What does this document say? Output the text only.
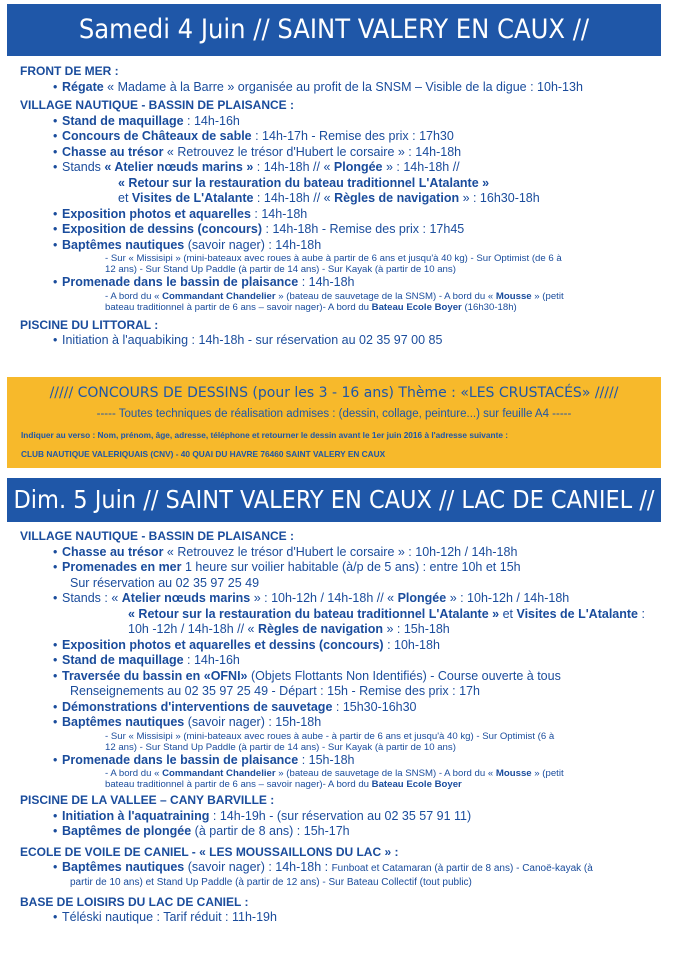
Samedi 4 Juin // SAINT VALERY EN CAUX //
FRONT DE MER :
• Régate « Madame à la Barre » organisée au profit de la SNSM – Visible de la digue : 10h-13h
VILLAGE NAUTIQUE - BASSIN DE PLAISANCE :
• Stand de maquillage : 14h-16h
• Concours de Châteaux de sable : 14h-17h - Remise des prix : 17h30
• Chasse au trésor « Retrouvez le trésor d'Hubert le corsaire » : 14h-18h
• Stands « Atelier nœuds marins » : 14h-18h // « Plongée » : 14h-18h //
« Retour sur la restauration du bateau traditionnel L'Atalante »
et Visites de L'Atalante : 14h-18h // « Règles de navigation » : 16h30-18h
• Exposition photos et aquarelles : 14h-18h
• Exposition de dessins (concours) : 14h-18h - Remise des prix : 17h45
• Baptêmes nautiques (savoir nager) : 14h-18h
- Sur « Missisipi » (mini-bateaux avec roues à aube à partir de 6 ans et jusqu'à 40 kg) - Sur Optimist (de 6 à
12 ans) - Sur Stand Up Paddle (à partir de 14 ans) - Sur Kayak (à partir de 10 ans)
• Promenade dans le bassin de plaisance : 14h-18h
- A bord du « Commandant Chandelier » (bateau de sauvetage de la SNSM) - A bord du « Mousse » (petit
bateau traditionnel à partir de 6 ans – savoir nager)- A bord du Bateau Ecole Boyer (16h30-18h)
PISCINE DU LITTORAL :
• Initiation à l'aquabiking : 14h-18h - sur réservation au 02 35 97 00 85
///// CONCOURS DE DESSINS (pour les 3 - 16 ans) Thème : «LES CRUSTACÉS» /////
----- Toutes techniques de réalisation admises : (dessin, collage, peinture...) sur feuille A4 -----
Indiquer au verso : Nom, prénom, âge, adresse, téléphone et retourner le dessin avant le 1er juin 2016 à l'adresse suivante :
CLUB NAUTIQUE VALERIQUAIS (CNV) - 40 QUAI DU HAVRE 76460 SAINT VALERY EN CAUX
Dim. 5 Juin // SAINT VALERY EN CAUX // LAC DE CANIEL //
VILLAGE NAUTIQUE - BASSIN DE PLAISANCE :
• Chasse au trésor « Retrouvez le trésor d'Hubert le corsaire » : 10h-12h / 14h-18h
• Promenades en mer 1 heure sur voilier habitable (à/p de 5 ans) : entre 10h et 15h
Sur réservation au 02 35 97 25 49
• Stands : « Atelier nœuds marins » : 10h-12h / 14h-18h // « Plongée » : 10h-12h / 14h-18h
« Retour sur la restauration du bateau traditionnel L'Atalante » et Visites de L'Atalante :
10h -12h / 14h-18h // « Règles de navigation » : 15h-18h
• Exposition photos et aquarelles et dessins (concours) : 10h-18h
• Stand de maquillage : 14h-16h
• Traversée du bassin en «OFNI» (Objets Flottants Non Identifiés) - Course ouverte à tous
Renseignements au 02 35 97 25 49 - Départ : 15h - Remise des prix : 17h
• Démonstrations d'interventions de sauvetage : 15h30-16h30
• Baptêmes nautiques (savoir nager) : 15h-18h
- Sur « Missisipi » (mini-bateaux avec roues à aube - à partir de 6 ans et jusqu'à 40 kg) - Sur Optimist (6 à
12 ans) - Sur Stand Up Paddle (à partir de 14 ans) - Sur Kayak (à partir de 10 ans)
• Promenade dans le bassin de plaisance : 15h-18h
- A bord du « Commandant Chandelier » (bateau de sauvetage de la SNSM) - A bord du « Mousse » (petit
bateau traditionnel à partir de 6 ans – savoir nager)- A bord du Bateau Ecole Boyer
PISCINE DE LA VALLEE – CANY BARVILLE :
• Initiation à l'aquatraining : 14h-19h - (sur réservation au 02 35 57 91 11)
• Baptêmes de plongée (à partir de 8 ans) : 15h-17h
ECOLE DE VOILE DE CANIEL - « LES MOUSSAILLONS DU LAC » :
• Baptêmes nautiques (savoir nager) : 14h-18h : Funboat et Catamaran (à partir de 8 ans) - Canoë-kayak (à
partir de 10 ans) et Stand Up Paddle (à partir de 12 ans) - Sur Bateau Collectif (tout public)
BASE DE LOISIRS DU LAC DE CANIEL :
• Téléski nautique : Tarif réduit : 11h-19h
